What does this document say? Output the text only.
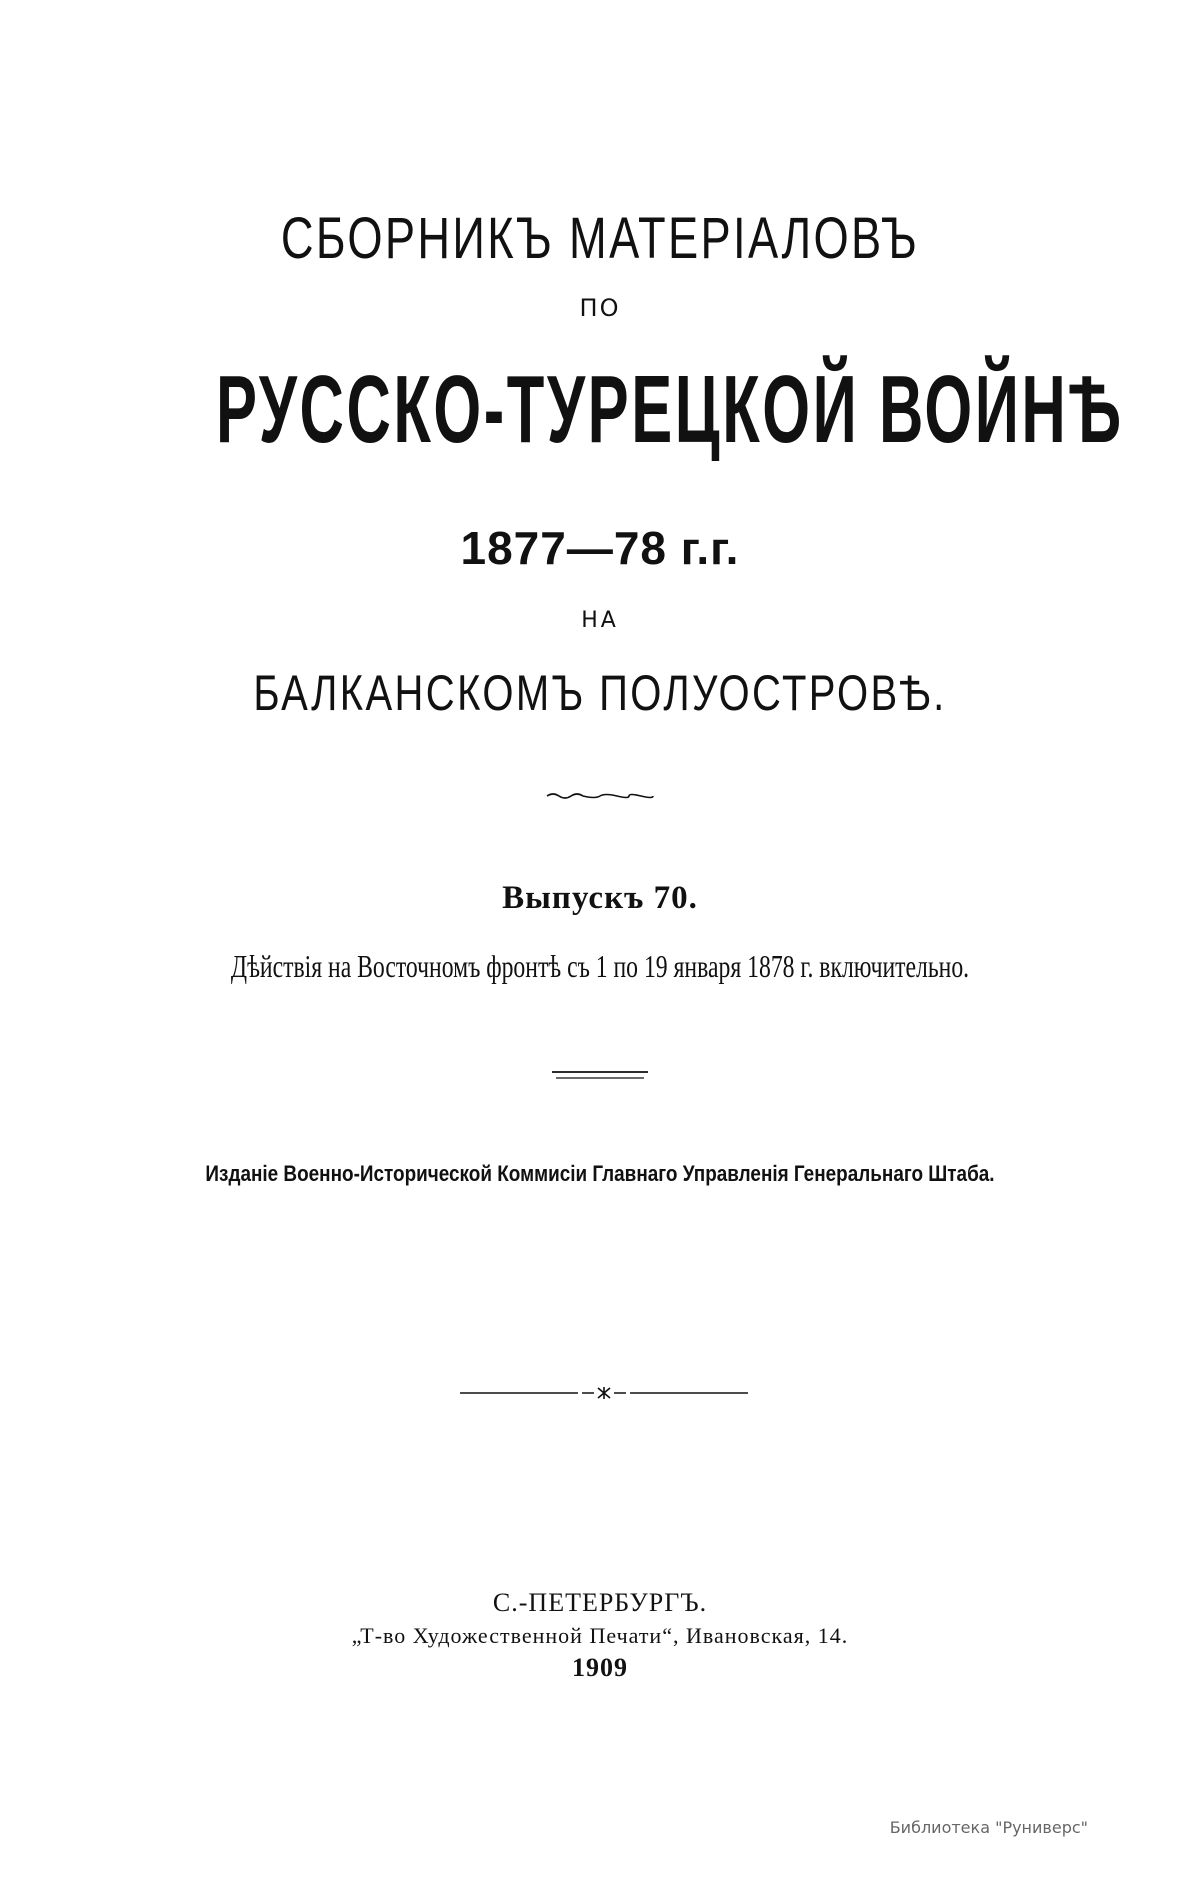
СБОРНИКЪ МАТЕРІАЛОВЪ
ПО
РУССКО-ТУРЕЦКОЙ ВОЙНѢ
1877—78 г.г.
НА
БАЛКАНСКОМЪ ПОЛУОСТРОВѢ.
Выпускъ 70.
Дѣйствія на Восточномъ фронтѣ съ 1 по 19 января 1878 г. включительно.
Изданіе Военно-Исторической Коммисіи Главнаго Управленія Генеральнаго Штаба.
С.-ПЕТЕРБУРГЪ.
„Т-во Художественной Печати“, Ивановская, 14.
1909
Библиотека "Руниверс"
